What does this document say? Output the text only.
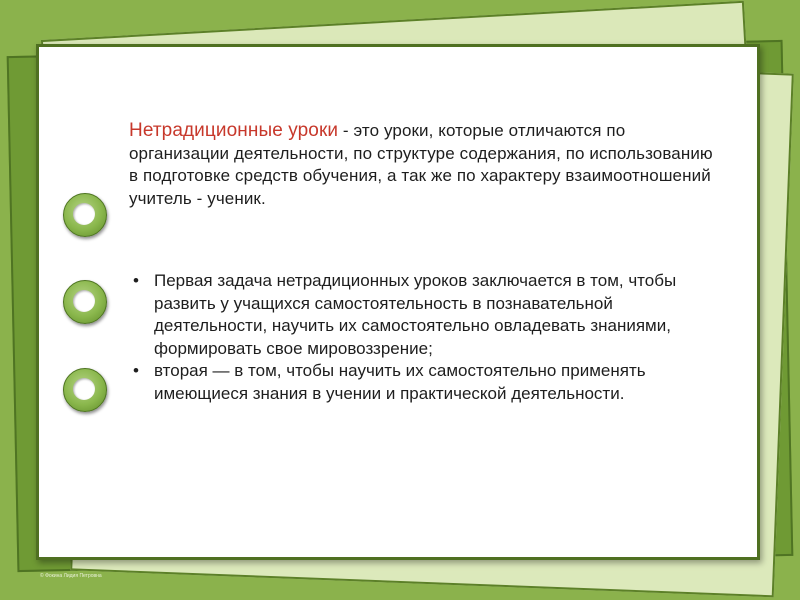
Нетрадиционные уроки - это уроки, которые отличаются по организации деятельности, по структуре содержания, по использованию в подготовке средств обучения, а так же по характеру взаимоотношений учитель - ученик.
• Первая задача нетрадиционных уроков заключается в том, чтобы развить у учащихся самостоятельность в познавательной деятельности, научить их самостоятельно овладевать знаниями, формировать свое мировоззрение;
• вторая — в том, чтобы научить их самостоятельно применять имеющиеся знания в учении и практической деятельности.
© Фокина Лидия Петровна
